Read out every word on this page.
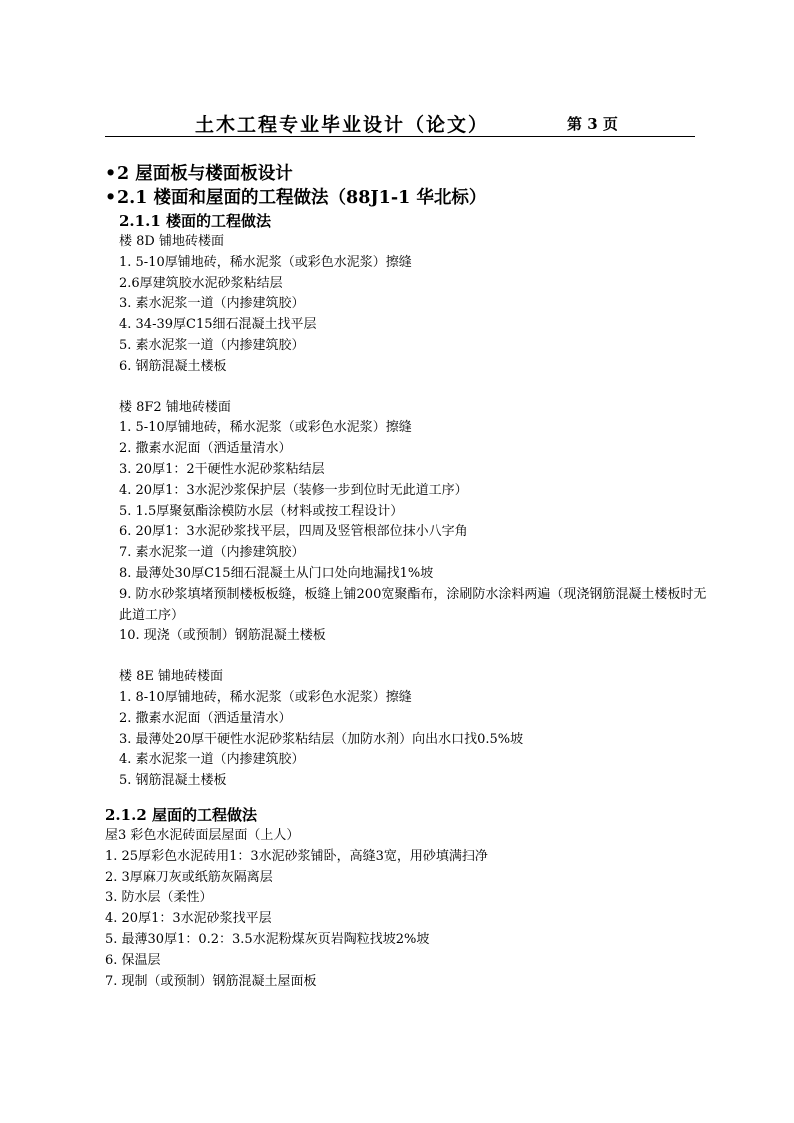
土木工程专业毕业设计（论文）	第 3 页

•2 屋面板与楼面板设计

•2.1 楼面和屋面的工程做法（88J1-1 华北标）

2.1.1 楼面的工程做法

楼 8D 铺地砖楼面

1. 5-10厚铺地砖，稀水泥浆（或彩色水泥浆）擦缝

2.6厚建筑胶水泥砂浆粘结层

3. 素水泥浆一道（内掺建筑胶）

4. 34-39厚C15细石混凝土找平层

5. 素水泥浆一道（内掺建筑胶）

6. 钢筋混凝土楼板

楼 8F2 铺地砖楼面

1. 5-10厚铺地砖，稀水泥浆（或彩色水泥浆）擦缝

2. 撒素水泥面（洒适量清水）

3. 20厚1：2干硬性水泥砂浆粘结层

4. 20厚1：3水泥沙浆保护层（装修一步到位时无此道工序）

5. 1.5厚聚氨酯涂模防水层（材料或按工程设计）

6. 20厚1：3水泥砂浆找平层，四周及竖管根部位抹小八字角

7. 素水泥浆一道（内掺建筑胶）

8. 最薄处30厚C15细石混凝土从门口处向地漏找1%坡

9. 防水砂浆填堵预制楼板板缝，板缝上铺200宽聚酯布，涂刷防水涂料两遍（现浇钢筋混凝土楼板时无此道工序）

10. 现浇（或预制）钢筋混凝土楼板

楼 8E 铺地砖楼面

1. 8-10厚铺地砖，稀水泥浆（或彩色水泥浆）擦缝

2. 撒素水泥面（洒适量清水）

3. 最薄处20厚干硬性水泥砂浆粘结层（加防水剂）向出水口找0.5%坡

4. 素水泥浆一道（内掺建筑胶）

5. 钢筋混凝土楼板

2.1.2 屋面的工程做法

屋3 彩色水泥砖面层屋面（上人）

1. 25厚彩色水泥砖用1：3水泥砂浆铺卧，高缝3宽，用砂填满扫净

2. 3厚麻刀灰或纸筋灰隔离层

3. 防水层（柔性）

4. 20厚1：3水泥砂浆找平层

5. 最薄30厚1：0.2：3.5水泥粉煤灰页岩陶粒找坡2%坡

6. 保温层

7. 现制（或预制）钢筋混凝土屋面板
